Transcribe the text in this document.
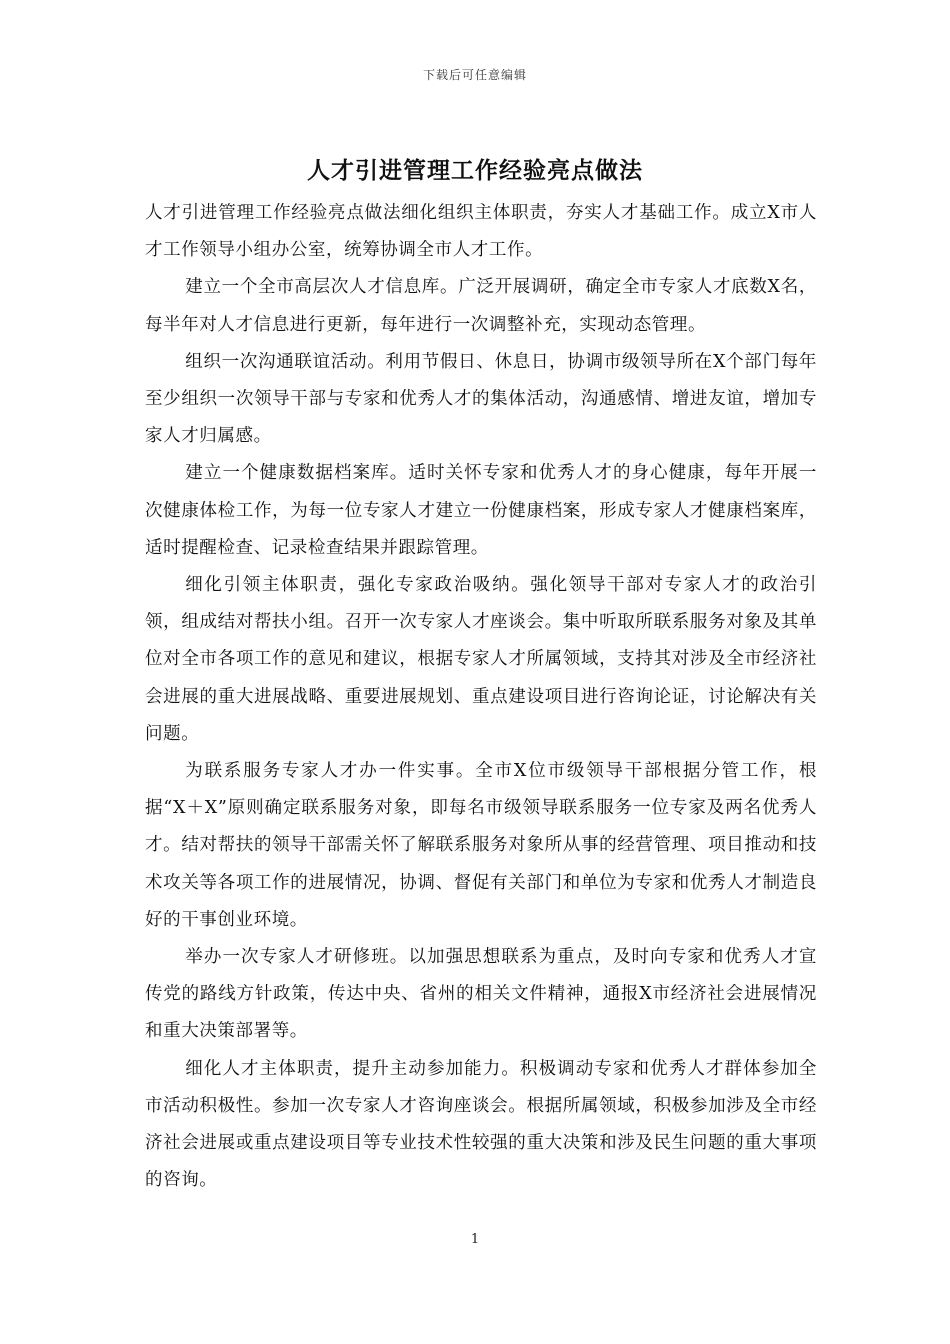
下载后可任意编辑
人才引进管理工作经验亮点做法

人才引进管理工作经验亮点做法细化组织主体职责，夯实人才基础工作。成立X市人才工作领导小组办公室，统筹协调全市人才工作。

建立一个全市高层次人才信息库。广泛开展调研，确定全市专家人才底数X名，每半年对人才信息进行更新，每年进行一次调整补充，实现动态管理。

组织一次沟通联谊活动。利用节假日、休息日，协调市级领导所在X个部门每年至少组织一次领导干部与专家和优秀人才的集体活动，沟通感情、增进友谊，增加专家人才归属感。

建立一个健康数据档案库。适时关怀专家和优秀人才的身心健康，每年开展一次健康体检工作，为每一位专家人才建立一份健康档案，形成专家人才健康档案库，适时提醒检查、记录检查结果并跟踪管理。

细化引领主体职责，强化专家政治吸纳。强化领导干部对专家人才的政治引领，组成结对帮扶小组。召开一次专家人才座谈会。集中听取所联系服务对象及其单位对全市各项工作的意见和建议，根据专家人才所属领域，支持其对涉及全市经济社会进展的重大进展战略、重要进展规划、重点建设项目进行咨询论证，讨论解决有关问题。

为联系服务专家人才办一件实事。全市X位市级领导干部根据分管工作，根据“X＋X”原则确定联系服务对象，即每名市级领导联系服务一位专家及两名优秀人才。结对帮扶的领导干部需关怀了解联系服务对象所从事的经营管理、项目推动和技术攻关等各项工作的进展情况，协调、督促有关部门和单位为专家和优秀人才制造良好的干事创业环境。

举办一次专家人才研修班。以加强思想联系为重点，及时向专家和优秀人才宣传党的路线方针政策，传达中央、省州的相关文件精神，通报X市经济社会进展情况和重大决策部署等。

细化人才主体职责，提升主动参加能力。积极调动专家和优秀人才群体参加全市活动积极性。参加一次专家人才咨询座谈会。根据所属领域，积极参加涉及全市经济社会进展或重点建设项目等专业技术性较强的重大决策和涉及民生问题的重大事项的咨询。

1
